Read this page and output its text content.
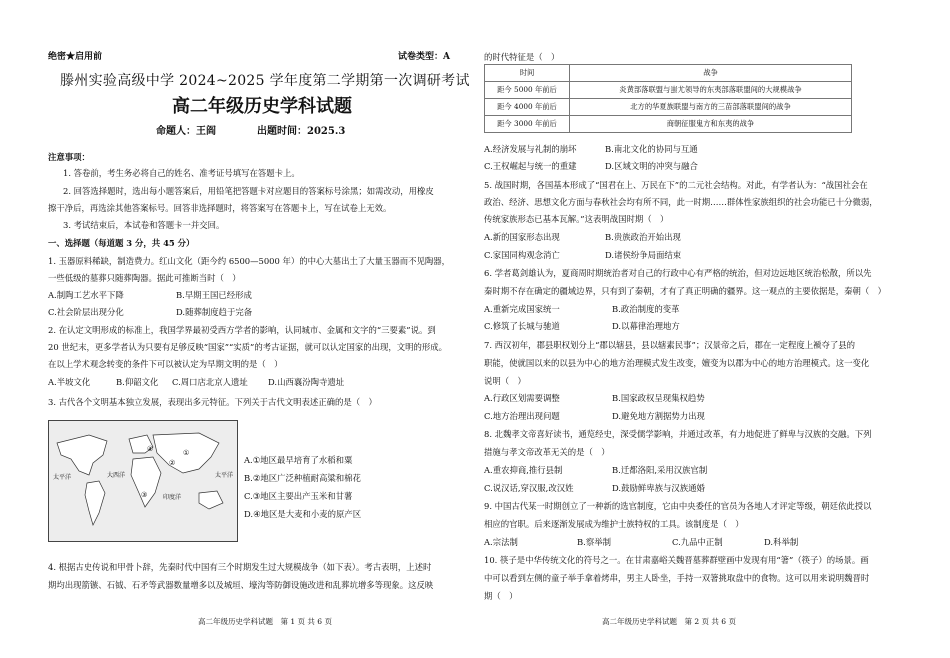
绝密★启用前	试卷类型：A
滕州实验高级中学 2024~2025 学年度第二学期第一次调研考试
高二年级历史学科试题
命题人：王阎	出题时间：2025.3
注意事项：
1. 答卷前，考生务必将自己的姓名、准考证号填写在答题卡上。
2. 回答选择题时，选出每小题答案后，用铅笔把答题卡对应题目的答案标号涂黑；如需改动，用橡皮
擦干净后，再选涂其他答案标号。回答非选择题时，将答案写在答题卡上，写在试卷上无效。
3. 考试结束后，本试卷和答题卡一并交回。
一、选择题（每道题 3 分，共 45 分）
1. 玉器原料稀缺，制造费力。红山文化（距今约 6500—5000 年）的中心大墓出土了大量玉器而不见陶器，
一些低级的墓葬只随葬陶器。据此可推断当时（　）
A.制陶工艺水平下降	B.早期王国已经形成
C.社会阶层出现分化	D.随葬制度趋于完备
2. 在认定文明形成的标准上，我国学界最初受西方学者的影响，认同城市、金属和文字的“三要素”说。到
20 世纪末，更多学者认为只要有足够反映“国家”“实质”的考古证据，就可以认定国家的出现，文明的形成。
在以上学术观念转变的条件下可以被认定为早期文明的是（　）
A.半坡文化	B.仰韶文化 C.周口店北京人遗址 D.山西襄汾陶寺遗址
3. 古代各个文明基本独立发展，表现出多元特征。下列关于古代文明表述正确的是（　）
①
②
③
④
太平洋	大西洋
印度洋
太平洋
A.①地区最早培育了水稻和粟
B.②地区广泛种植耐高粱和棉花
C.③地区主要出产玉米和甘薯
D.④地区是大麦和小麦的原产区
4. 根据古史传说和甲骨卜辞，先秦时代中国有三个时期发生过大规模战争（如下表）。考古表明，上述时
期均出现箭镞、石钺、石矛等武器数量增多以及城垣、壕沟等防御设施改进和乱葬坑增多等现象。这反映
高二年级历史学科试题　第 1 页 共 6 页
的时代特征是（　）
时间	战争
距今 5000 年前后	炎黄部落联盟与蚩尤领导的东夷部落联盟间的大规模战争
距今 4000 年前后	北方的华夏族联盟与南方的三苗部落联盟间的战争
距今 3000 年前后	商朝征服鬼方和东夷的战争
A.经济发展与礼制的崩坏	B.南北文化的协同与互通
C.王权崛起与统一的重建	D.区域文明的冲突与融合
5. 战国时期，各国基本形成了“国君在上、万民在下”的二元社会结构。对此，有学者认为：“战国社会在
政治、经济、思想文化方面与春秋社会均有所不同，此一时期……群体性家族组织的社会功能已十分微弱，
传统家族形态已基本瓦解。”这表明战国时期（　）
A.新的国家形态出现	B.贵族政治开始出现
C.家国同构观念消亡	D.诸侯纷争局面结束
6. 学者葛剑雄认为，夏商周时期统治者对自己的行政中心有严格的统治，但对边远地区统治松散，所以先
秦时期不存在确定的疆域边界，只有到了秦朝，才有了真正明确的疆界。这一观点的主要依据是，秦朝（　）
A.重新完成国家统一	B.政治制度的变革
C.修筑了长城与驰道	D.以幕律治理地方
7. 西汉初年，郡县职权划分上“郡以辖县，县以辖素民事”；汉景帝之后，郡在一定程度上褫夺了县的
职能，使就国以来的以县为中心的地方治理模式发生改变，嬗变为以郡为中心的地方治理模式。这一变化
说明（　）
A.行政区划需要调整	B.国家政权呈现集权趋势
C.地方治理出现问题	D.避免地方割据势力出现
8. 北魏孝文帝喜好读书，通览经史，深受儒学影响，并通过改革，有力地促进了鲜卑与汉族的交融。下列
措施与孝文帝改革无关的是（　）
A.重农抑商,推行县制	B.迁都洛阳,采用汉族官制
C.说汉话,穿汉服,改汉姓	D.鼓励鲜卑族与汉族通婚
9. 中国古代某一时期创立了一种新的选官制度，它由中央委任的官员为各地人才评定等级，朝廷依此授以
相应的官职。后来逐渐发展成为维护士族特权的工具。该制度是（　）
A.宗法制	B.察举制	C.九品中正制	D.科举制
10. 筷子是中华传统文化的符号之一。在甘肃嘉峪关魏晋墓葬群壁画中发现有用“箸”（筷子）的场景。画
中可以看到左侧的童子举手拿着烤串，男主人卧坐，手持一双箸挑取盘中的食物。这可以用来说明魏晋时
期（　）
高二年级历史学科试题　第 2 页 共 6 页
